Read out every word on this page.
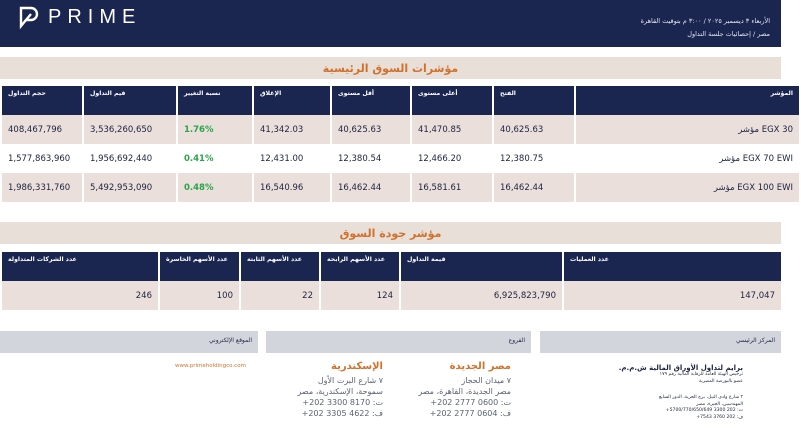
PRIME	الأربعاء ٣ ديسمبر ٢٠٢٥ / ٣:٠٠ م بتوقيت القاهرة
مصر / إحصائيات جلسة التداول
مؤشرات السوق الرئيسية
حجم التداول	قيم التداول	نسبة التغيير	الإغلاق	أقل مستوى	أعلى مستوى	الفتح	المؤشر
408,467,796	3,536,260,650	1.76%	41,342.03	40,625.63	41,470.85	40,625.63	مؤشر EGX 30
1,577,863,960	1,956,692,440	0.41%	12,431.00	12,380.54	12,466.20	12,380.75	مؤشر EGX 70 EWI
1,986,331,760	5,492,953,090	0.48%	16,540.96	16,462.44	16,581.61	16,462.44	مؤشر EGX 100 EWI
مؤشر جودة السوق
عدد الشركات المتداولة	عدد الأسهم الخاسرة	عدد الأسهم الثابتة	عدد الأسهم الرابحة	قيمة التداول	عدد العمليات
246	100	22	124	6,925,823,790	147,047
الموقع الإلكتروني	الفروع	المركز الرئيسي
www.primeholdingco.com	الإسكندرية
٧ شارع البرت الأول
سموحة، الإسكندرية، مصر
ت: 8170 3300 202+
ف: 4622 3305 202+
مصر الجديدة
٧ ميدان الحجاز
مصر الجديدة، القاهرة، مصر
ت: 0600 2777 202+
ف: 0604 2777 202+
برايم لتداول الأوراق المالية ش.م.م.
ترخيص الهيئة العامة للرقابة المالية رقم ١٧٩
عضو بالبورصة المصرية
٢ شارع وادي النيل، برج الحرية، الدور السابع
المهندسين، الجيزة، مصر
ت: 202 3300 5700/770/650/649+
ف: 202 3760 7543+
